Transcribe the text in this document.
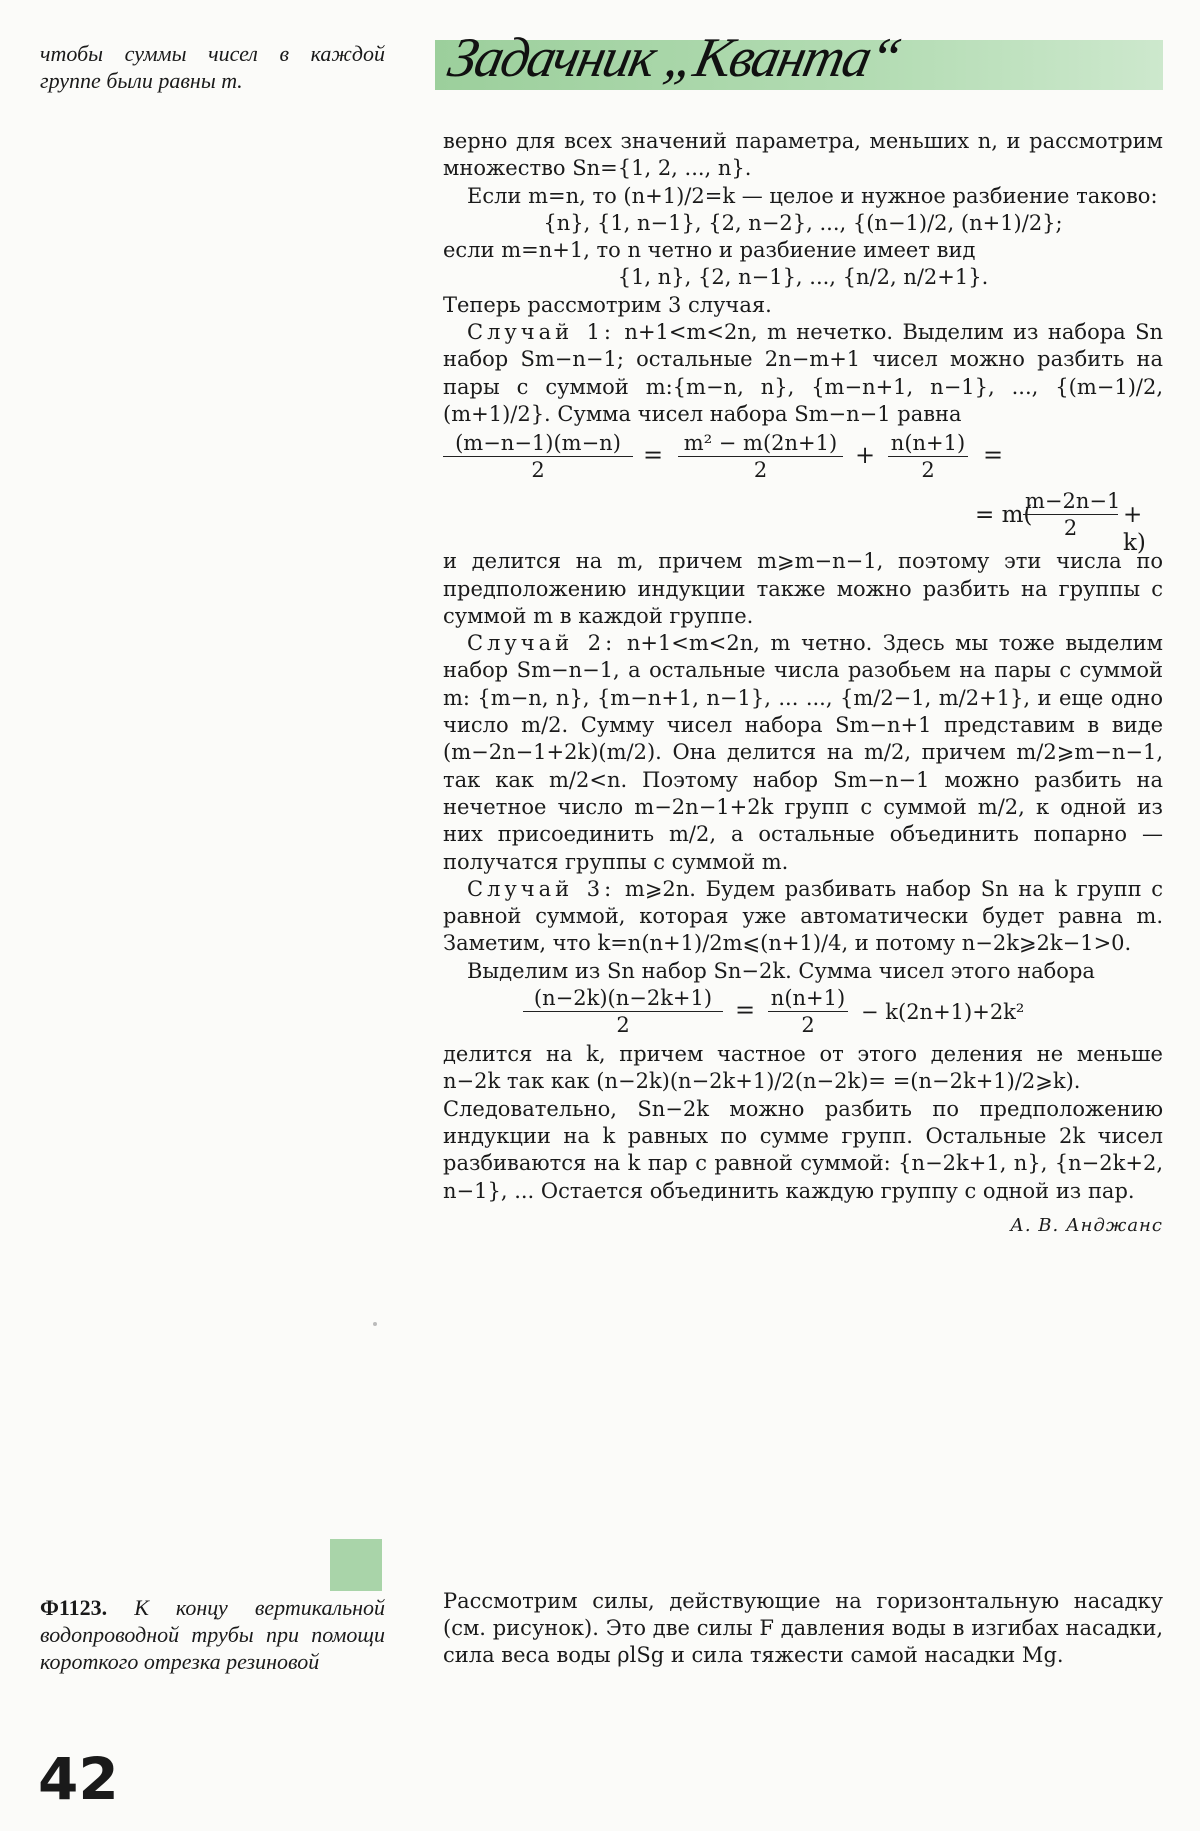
чтобы суммы чисел в каждой группе были равны m.	Задачник „Кванта“

верно для всех значений параметра, меньших n, и рассмотрим множество Sn={1, 2, ..., n}.

Если m=n, то (n+1)/2=k — целое и нужное разбиение таково:

{n}, {1, n−1}, {2, n−2}, ..., {(n−1)/2, (n+1)/2};

если m=n+1, то n четно и разбиение имеет вид

{1, n}, {2, n−1}, ..., {n/2, n/2+1}.

Теперь рассмотрим 3 случая.

Случай 1: n+1<m<2n, m нечетко. Выделим из набора Sn набор Sm−n−1; остальные 2n−m+1 чисел можно разбить на пары с суммой m:{m−n, n}, {m−n+1, n−1}, ..., {(m−1)/2, (m+1)/2}. Сумма чисел набора Sm−n−1 равна

$\frac{(m-n-1)(m-n)}{2} = \frac{\text{m² − m(2n+1)}}{2} + \frac{n(n+1)}{2}$ =
= m(
$\frac{m-2n-1}{2} + k$)

и делится на m, причем m⩾m−n−1, поэтому эти числа по предположению индукции также можно разбить на группы с суммой m в каждой группе.

Случай 2: n+1<m<2n, m четно. Здесь мы тоже выделим набор Sm−n−1, а остальные числа разобьем на пары с суммой m: {m−n, n}, {m−n+1, n−1}, ... ..., {m/2−1, m/2+1}, и еще одно число m/2. Сумму чисел набора Sm−n+1 представим в виде (m−2n−1+2k)(m/2). Она делится на m/2, причем m/2⩾m−n−1, так как m/2<n. Поэтому набор Sm−n−1 можно разбить на нечетное число m−2n−1+2k групп с суммой m/2, к одной из них присоединить m/2, а остальные объединить попарно — получатся группы с суммой m.

Случай 3: m⩾2n. Будем разбивать набор Sn на k групп с равной суммой, которая уже автоматически будет равна m. Заметим, что k=n(n+1)/2m⩽(n+1)/4, и потому n−2k⩾2k−1>0.

Выделим из Sn набор Sn−2k. Сумма чисел этого набора

$\frac{(n-2k)(n-2k+1)}{2} = \frac{n(n+1)}{2} - k(2n+1)+2k^2$

делится на k, причем частное от этого деления не меньше n−2k так как (n−2k)(n−2k+1)/2(n−2k)= =(n−2k+1)/2⩾k).

Следовательно, Sn−2k можно разбить по предположению индукции на k равных по сумме групп. Остальные 2k чисел разбиваются на k пар с равной суммой: {n−2k+1, n}, {n−2k+2, n−1}, ... Остается объединить каждую группу с одной из пар.

А. В. Анджанс

Ф1123. К концу вертикальной водопроводной трубы при помощи короткого отрезка резиновой

Рассмотрим силы, действующие на горизонтальную насадку (см. рисунок). Это две силы F давления воды в изгибах насадки, сила веса воды ρlSg и сила тяжести самой насадки Mg.

42
